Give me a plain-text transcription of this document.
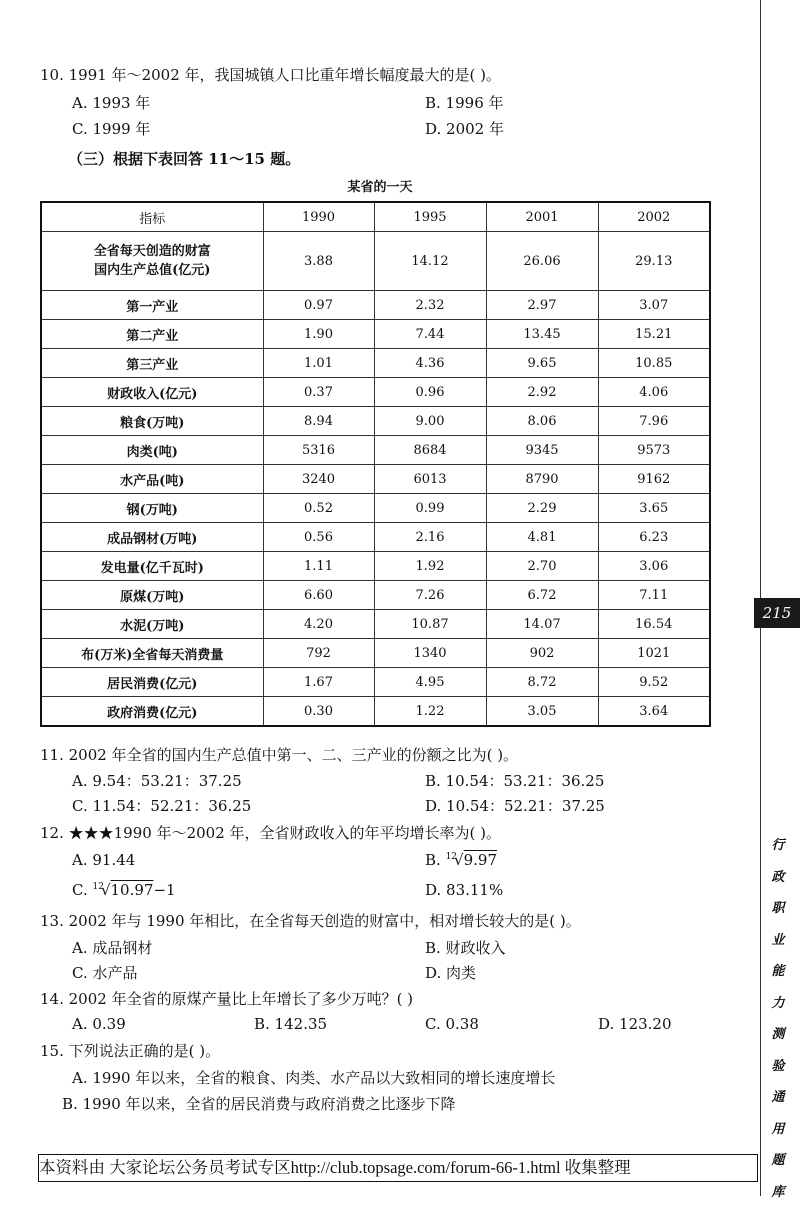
215
行
政
职
业
能
力
测
验
通
用
题
库
10. 1991 年～2002 年，我国城镇人口比重年增长幅度最大的是( )。
A. 1993 年	B. 1996 年
C. 1999 年	D. 2002 年
（三）根据下表回答 11～15 题。
某省的一天
指标	1990	1995	2001	2002

全省每天创造的财富
国内生产总值(亿元)	3.88	14.12	26.06	29.13
第一产业	0.97	2.32	2.97	3.07
第二产业	1.90	7.44	13.45	15.21
第三产业	1.01	4.36	9.65	10.85
财政收入(亿元)	0.37	0.96	2.92	4.06
粮食(万吨)	8.94	9.00	8.06	7.96
肉类(吨)	5316	8684	9345	9573
水产品(吨)	3240	6013	8790	9162
钢(万吨)	0.52	0.99	2.29	3.65
成品钢材(万吨)	0.56	2.16	4.81	6.23
发电量(亿千瓦时)	1.11	1.92	2.70	3.06
原煤(万吨)	6.60	7.26	6.72	7.11
水泥(万吨)	4.20	10.87	14.07	16.54
布(万米)全省每天消费量	792	1340	902	1021
居民消费(亿元)	1.67	4.95	8.72	9.52
政府消费(亿元)	0.30	1.22	3.05	3.64
11. 2002 年全省的国内生产总值中第一、二、三产业的份额之比为( )。
A. 9.54：53.21：37.25	B. 10.54：53.21：36.25
C. 11.54：52.21：36.25	D. 10.54：52.21：37.25
12. ★★★1990 年～2002 年，全省财政收入的年平均增长率为( )。
A. 91.44	B. $^{12}$√9.97
C. $^{12}$√10.97−1	D. 83.11%
13. 2002 年与 1990 年相比，在全省每天创造的财富中，相对增长较大的是( )。
A. 成品钢材	B. 财政收入
C. 水产品	D. 肉类
14. 2002 年全省的原煤产量比上年增长了多少万吨？( )
A. 0.39	B. 142.35	C. 0.38	D. 123.20
15. 下列说法正确的是( )。
A. 1990 年以来，全省的粮食、肉类、水产品以大致相同的增长速度增长
B. 1990 年以来，全省的居民消费与政府消费之比逐步下降
本资料由 大家论坛公务员考试专区http://club.topsage.com/forum-66-1.html 收集整理
